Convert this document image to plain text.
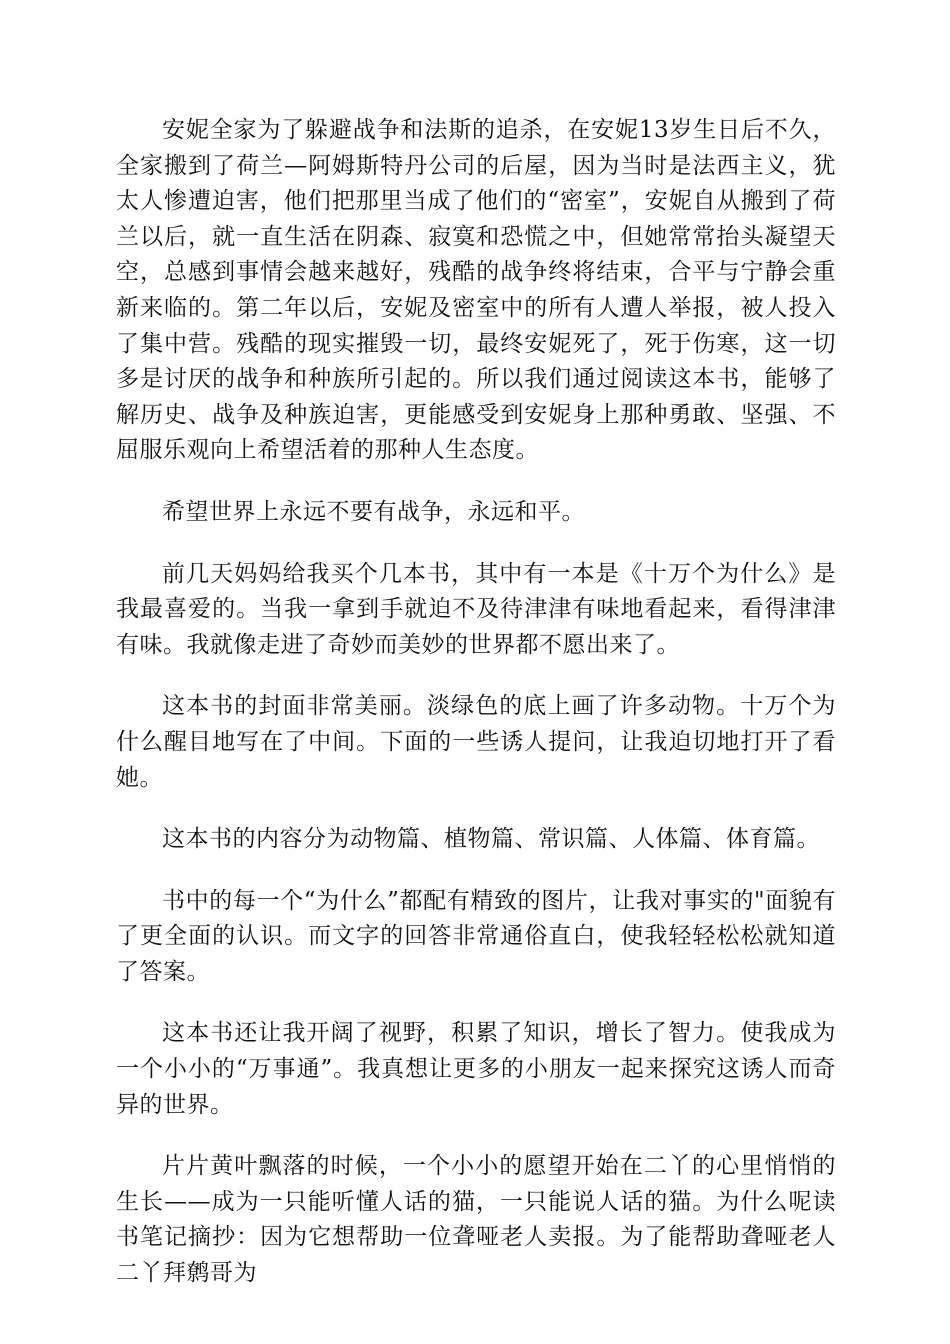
安妮全家为了躲避战争和法斯的追杀，在安妮13岁生日后不久，全家搬到了荷兰—阿姆斯特丹公司的后屋，因为当时是法西主义，犹太人惨遭迫害，他们把那里当成了他们的“密室”，安妮自从搬到了荷兰以后，就一直生活在阴森、寂寞和恐慌之中，但她常常抬头凝望天空，总感到事情会越来越好，残酷的战争终将结束，合平与宁静会重新来临的。第二年以后，安妮及密室中的所有人遭人举报，被人投入了集中营。残酷的现实摧毁一切，最终安妮死了，死于伤寒，这一切多是讨厌的战争和种族所引起的。所以我们通过阅读这本书，能够了解历史、战争及种族迫害，更能感受到安妮身上那种勇敢、坚强、不屈服乐观向上希望活着的那种人生态度。

希望世界上永远不要有战争，永远和平。

前几天妈妈给我买个几本书，其中有一本是《十万个为什么》是我最喜爱的。当我一拿到手就迫不及待津津有味地看起来，看得津津有味。我就像走进了奇妙而美妙的世界都不愿出来了。

这本书的封面非常美丽。淡绿色的底上画了许多动物。十万个为什么醒目地写在了中间。下面的一些诱人提问，让我迫切地打开了看她。

这本书的内容分为动物篇、植物篇、常识篇、人体篇、体育篇。

书中的每一个“为什么”都配有精致的图片，让我对事实的"面貌有了更全面的认识。而文字的回答非常通俗直白，使我轻轻松松就知道了答案。

这本书还让我开阔了视野，积累了知识，增长了智力。使我成为一个小小的“万事通”。我真想让更多的小朋友一起来探究这诱人而奇异的世界。

片片黄叶飘落的时候，一个小小的愿望开始在二丫的心里悄悄的生长——成为一只能听懂人话的猫，一只能说人话的猫。为什么呢读书笔记摘抄：因为它想帮助一位聋哑老人卖报。为了能帮助聋哑老人二丫拜鹩哥为
